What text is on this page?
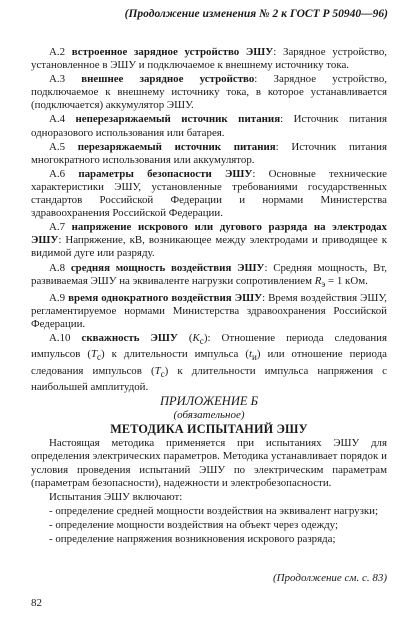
(Продолжение изменения № 2 к ГОСТ Р 50940—96)

А.2 встроенное зарядное устройство ЭШУ: Зарядное устройство, установленное в ЭШУ и подключаемое к внешнему источнику тока.

А.3 внешнее зарядное устройство: Зарядное устройство, подключаемое к внешнему источнику тока, в которое устанавливается (подключается) аккумулятор ЭШУ.

А.4 неперезаряжаемый источник питания: Источник питания одноразового использования или батарея.

А.5 перезаряжаемый источник питания: Источник питания многократного использования или аккумулятор.

А.6 параметры безопасности ЭШУ: Основные технические характеристики ЭШУ, установленные требованиями государственных стандартов Российской Федерации и нормами Министерства здравоохранения Российской Федерации.

А.7 напряжение искрового или дугового разряда на электродах ЭШУ: Напряжение, кВ, возникающее между электродами и приводящее к видимой дуге или разряду.

А.8 средняя мощность воздействия ЭШУ: Средняя мощность, Вт, развиваемая ЭШУ на эквиваленте нагрузки сопротивлением $R_э = 1$ кОм.

А.9 время однократного воздействия ЭШУ: Время воздействия ЭШУ, регламентируемое нормами Министерства здравоохранения Российской Федерации.

А.10 скважность ЭШУ $(K_с)$: Отношение периода следования импульсов $(T_с)$ к длительности импульса $(t_и)$ или отношение периода следования импульсов $(T_с)$ к длительности импульса напряжения с наибольшей амплитудой.

ПРИЛОЖЕНИЕ Б

(обязательное)

МЕТОДИКА ИСПЫТАНИЙ ЭШУ

Настоящая методика применяется при испытаниях ЭШУ для определения электрических параметров. Методика устанавливает порядок и условия проведения испытаний ЭШУ по электрическим параметрам (параметрам безопасности), надежности и электробезопасности.

Испытания ЭШУ включают:

- определение средней мощности воздействия на эквивалент нагрузки;

- определение мощности воздействия на объект через одежду;

- определение напряжения возникновения искрового разряда;

(Продолжение см. с. 83)
82
